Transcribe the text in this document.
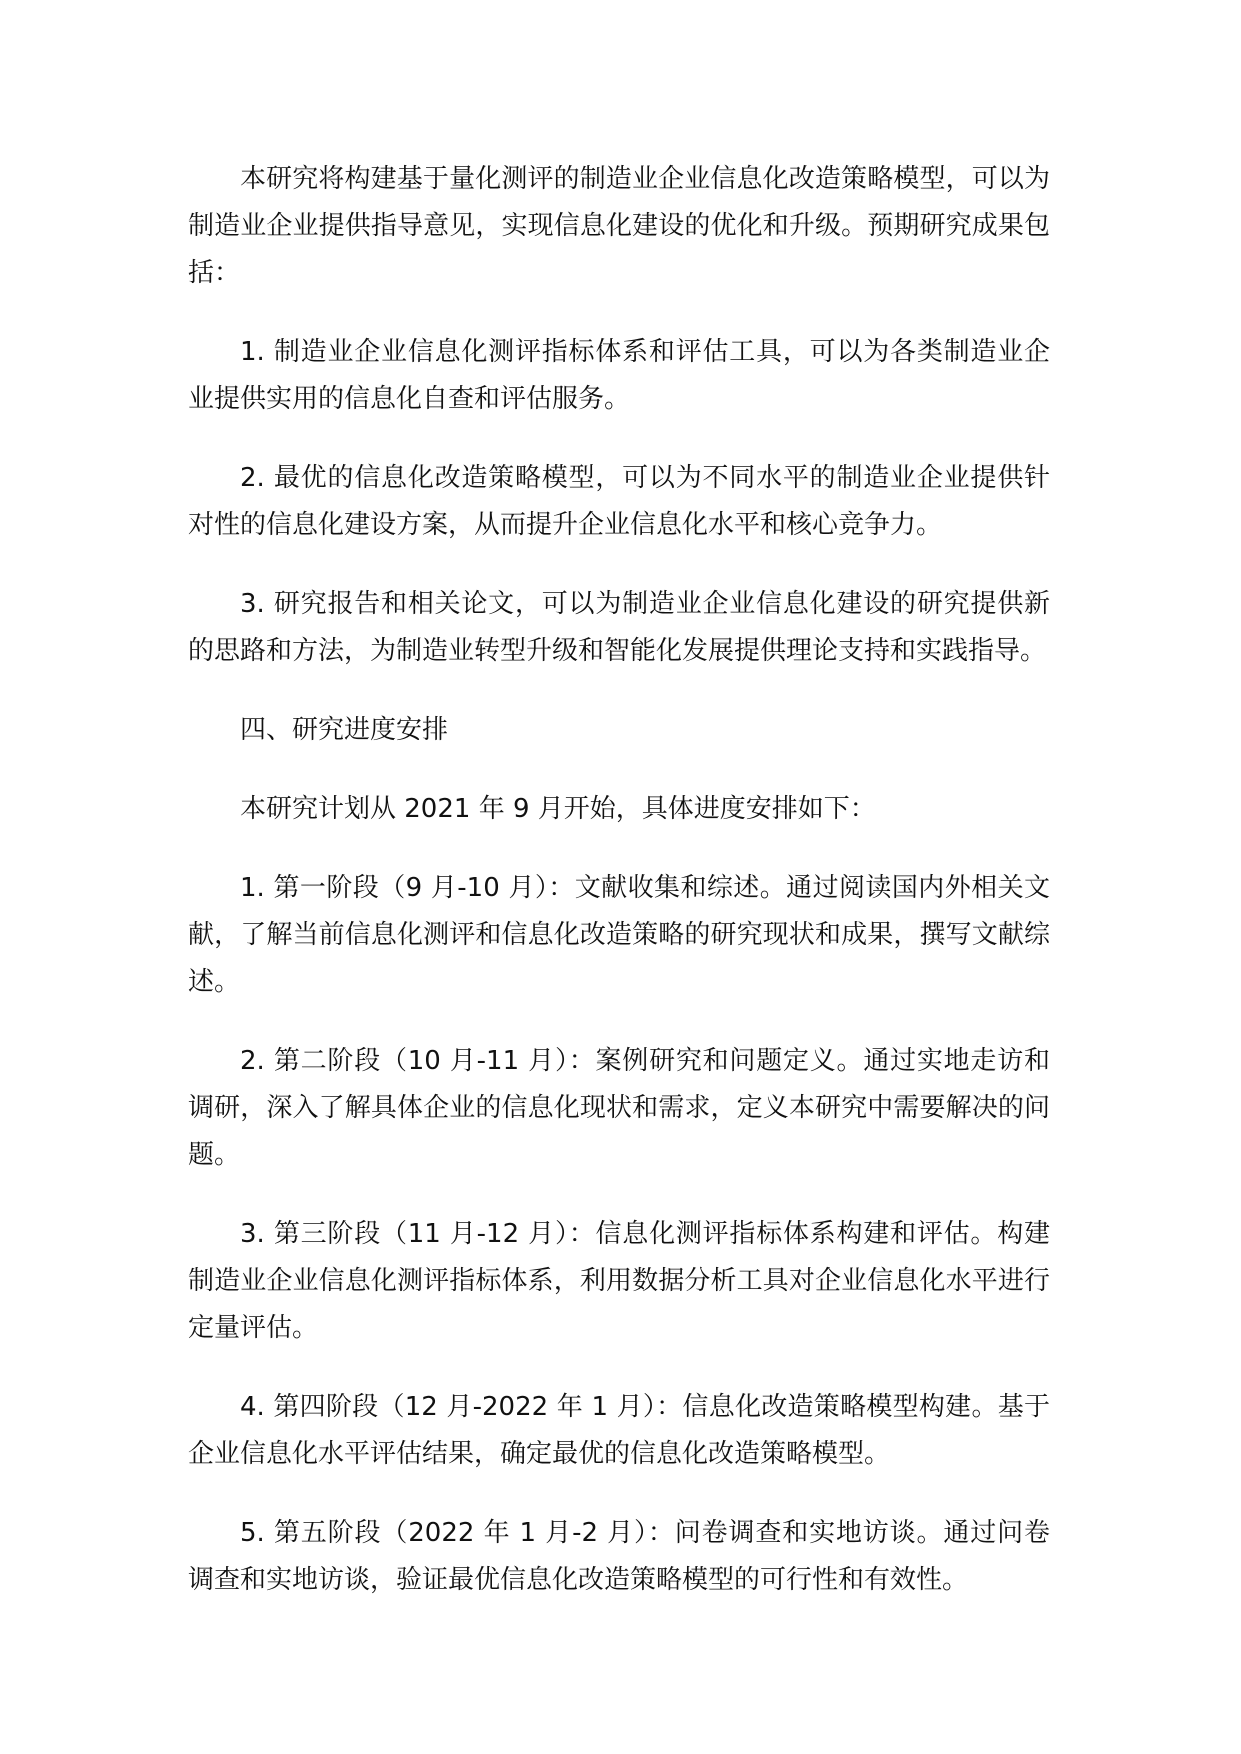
本研究将构建基于量化测评的制造业企业信息化改造策略模型，可以为制造业企业提供指导意见，实现信息化建设的优化和升级。预期研究成果包括：

1. 制造业企业信息化测评指标体系和评估工具，可以为各类制造业企业提供实用的信息化自查和评估服务。

2. 最优的信息化改造策略模型，可以为不同水平的制造业企业提供针对性的信息化建设方案，从而提升企业信息化水平和核心竞争力。

3. 研究报告和相关论文，可以为制造业企业信息化建设的研究提供新的思路和方法，为制造业转型升级和智能化发展提供理论支持和实践指导。

四、研究进度安排

本研究计划从 2021 年 9 月开始，具体进度安排如下：

1. 第一阶段（9 月-10 月）：文献收集和综述。通过阅读国内外相关文献，了解当前信息化测评和信息化改造策略的研究现状和成果，撰写文献综述。

2. 第二阶段（10 月-11 月）：案例研究和问题定义。通过实地走访和调研，深入了解具体企业的信息化现状和需求，定义本研究中需要解决的问题。

3. 第三阶段（11 月-12 月）：信息化测评指标体系构建和评估。构建制造业企业信息化测评指标体系，利用数据分析工具对企业信息化水平进行定量评估。

4. 第四阶段（12 月-2022 年 1 月）：信息化改造策略模型构建。基于企业信息化水平评估结果，确定最优的信息化改造策略模型。

5. 第五阶段（2022 年 1 月-2 月）：问卷调查和实地访谈。通过问卷调查和实地访谈，验证最优信息化改造策略模型的可行性和有效性。
